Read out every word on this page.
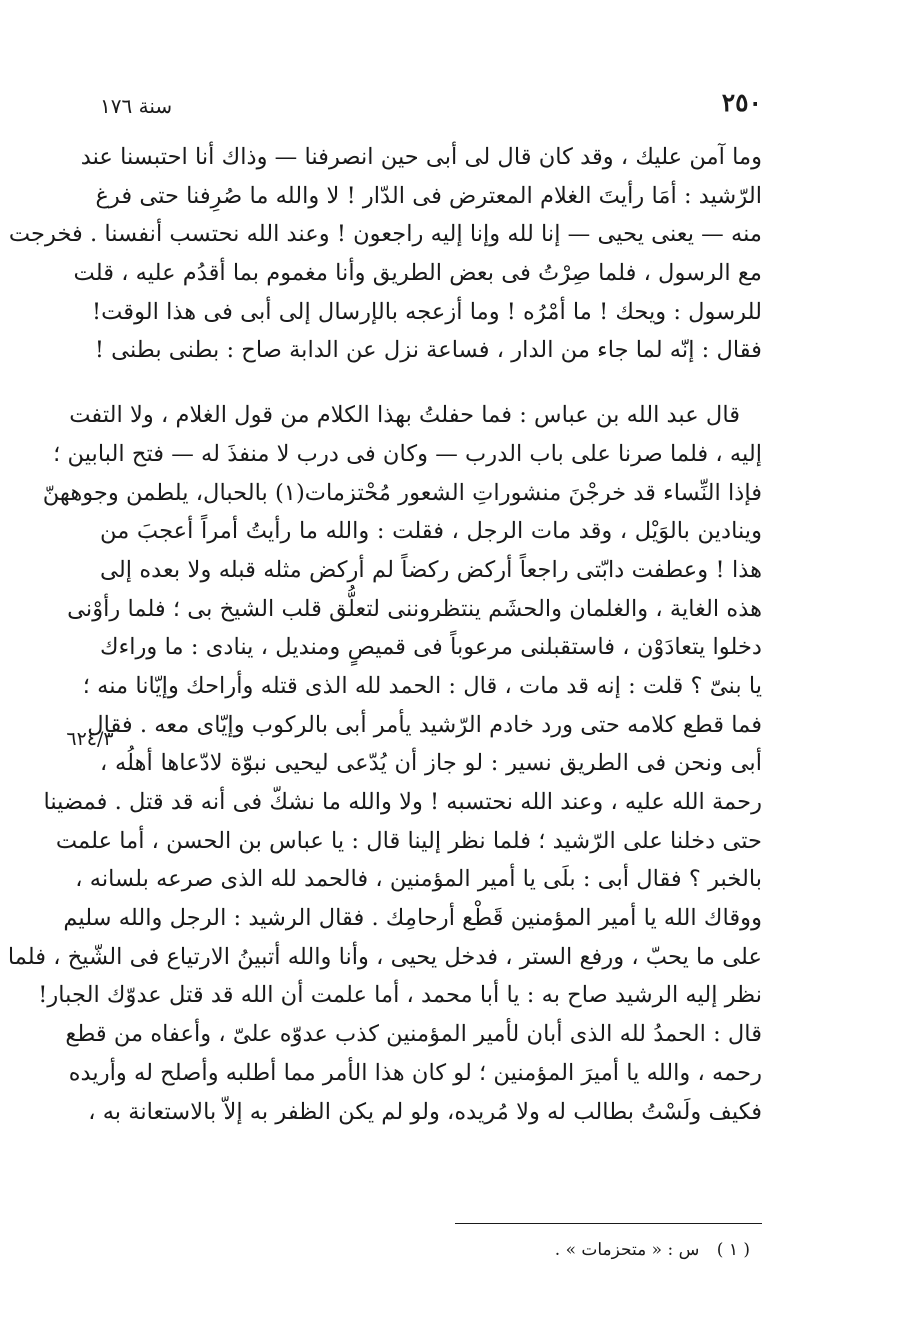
٢٥٠
سنة ١٧٦
وما آمن عليك ، وقد كان قال لى أبى حين انصرفنا — وذاك أنا احتبسنا عند
الرّشيد : أمَا رأيتَ الغلام المعترض فى الدّار ! لا والله ما صُرِفنا حتى فرغ
منه — يعنى يحيى — إنا لله وإنا إليه راجعون ! وعند الله نحتسب أنفسنا . فخرجت
مع الرسول ، فلما صِرْتُ فى بعض الطريق وأنا مغموم بما أقدُم عليه ، قلت
للرسول : ويحك ! ما أمْرُه ! وما أزعجه بالإرسال إلى أبى فى هذا الوقت!
فقال : إنّه لما جاء من الدار ، فساعة نزل عن الدابة صاح : بطنى بطنى !
قال عبد الله بن عباس : فما حفلتُ بهذا الكلام من قول الغلام ، ولا التفت
إليه ، فلما صرنا على باب الدرب — وكان فى درب لا منفذَ له — فتح البابين ؛
فإذا النِّساء قد خرجْنَ منشوراتِ الشعور مُحْتزمات(١) بالحبال، يلطمن وجوههنّ
وينادين بالوَيْل ، وقد مات الرجل ، فقلت : والله ما رأيتُ أمراً أعجبَ من
هذا ! وعطفت دابّتى راجعاً أركض ركضاً لم أركض مثله قبله ولا بعده إلى
هذه الغاية ، والغلمان والحشَم ينتظروننى لتعلُّق قلب الشيخ بى ؛ فلما رأوْنى
دخلوا يتعادَوْن ، فاستقبلنى مرعوباً فى قميصٍ ومنديل ، ينادى : ما وراءك
يا بنىّ ؟ قلت : إنه قد مات ، قال : الحمد لله الذى قتله وأراحك وإيّانا منه ؛
فما قطع كلامه حتى ورد خادم الرّشيد يأمر أبى بالركوب وإيّاى معه . فقال
أبى ونحن فى الطريق نسير : لو جاز أن يُدّعى ليحيى نبوّة لادّعاها أهلُه ،
رحمة الله عليه ، وعند الله نحتسبه ! ولا والله ما نشكّ فى أنه قد قتل . فمضينا
حتى دخلنا على الرّشيد ؛ فلما نظر إلينا قال : يا عباس بن الحسن ، أما علمت
بالخبر ؟ فقال أبى : بلَى يا أمير المؤمنين ، فالحمد لله الذى صرعه بلسانه ،
ووقاك الله يا أمير المؤمنين قَطْع أرحامِك . فقال الرشيد : الرجل والله سليم
على ما يحبّ ، ورفع الستر ، فدخل يحيى ، وأنا والله أتبينُ الارتياع فى الشّيخ ، فلما
نظر إليه الرشيد صاح به : يا أبا محمد ، أما علمت أن الله قد قتل عدوّك الجبار!
قال : الحمدُ لله الذى أبان لأمير المؤمنين كذب عدوّه علىّ ، وأعفاه من قطع
رحمه ، والله يا أميرَ المؤمنين ؛ لو كان هذا الأمر مما أطلبه وأصلح له وأريده
فكيف ولَسْتُ بطالب له ولا مُريده، ولو لم يكن الظفر به إلاّ بالاستعانة به ،
٦٢٤/٣
( ١ ) س : « متحزمات » .
